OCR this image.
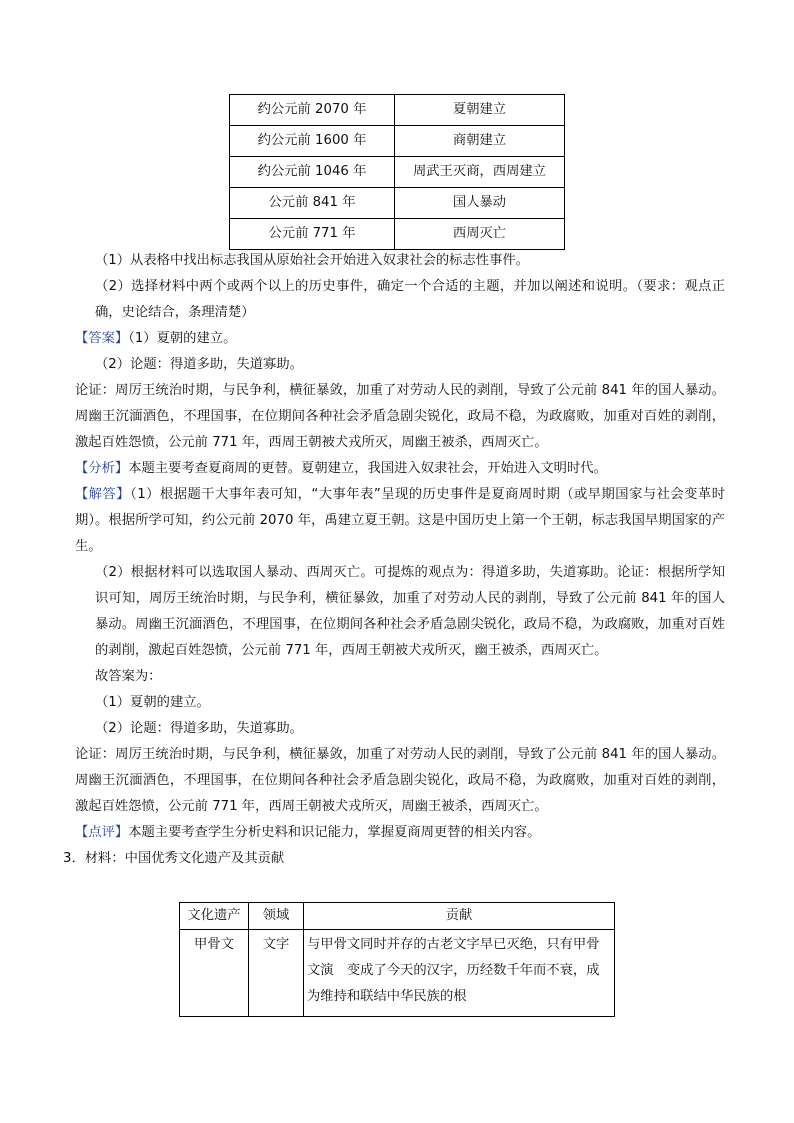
约公元前 2070 年	夏朝建立
约公元前 1600 年	商朝建立
约公元前 1046 年	周武王灭商，西周建立
公元前 841 年	国人暴动
公元前 771 年	西周灭亡

（1）从表格中找出标志我国从原始社会开始进入奴隶社会的标志性事件。

（2）选择材料中两个或两个以上的历史事件，确定一个合适的主题，并加以阐述和说明。（要求：观点正确，史论结合，条理清楚）

【答案】（1）夏朝的建立。

（2）论题：得道多助，失道寡助。

论证：周厉王统治时期，与民争利，横征暴敛，加重了对劳动人民的剥削，导致了公元前 841 年的国人暴动。周幽王沉湎酒色，不理国事，在位期间各种社会矛盾急剧尖锐化，政局不稳，为政腐败，加重对百姓的剥削，激起百姓怨愤，公元前 771 年，西周王朝被犬戎所灭，周幽王被杀，西周灭亡。

【分析】本题主要考查夏商周的更替。夏朝建立，我国进入奴隶社会，开始进入文明时代。

【解答】（1）根据题干大事年表可知，“大事年表”呈现的历史事件是夏商周时期（或早期国家与社会变革时期）。根据所学可知，约公元前 2070 年，禹建立夏王朝。这是中国历史上第一个王朝，标志我国早期国家的产生。

（2）根据材料可以选取国人暴动、西周灭亡。可提炼的观点为：得道多助，失道寡助。论证：根据所学知识可知，周厉王统治时期，与民争利，横征暴敛，加重了对劳动人民的剥削，导致了公元前 841 年的国人暴动。周幽王沉湎酒色，不理国事，在位期间各种社会矛盾急剧尖锐化，政局不稳，为政腐败，加重对百姓的剥削，激起百姓怨愤，公元前 771 年，西周王朝被犬戎所灭，幽王被杀，西周灭亡。

故答案为：

（1）夏朝的建立。

（2）论题：得道多助，失道寡助。

论证：周厉王统治时期，与民争利，横征暴敛，加重了对劳动人民的剥削，导致了公元前 841 年的国人暴动。周幽王沉湎酒色，不理国事，在位期间各种社会矛盾急剧尖锐化，政局不稳，为政腐败，加重对百姓的剥削，激起百姓怨愤，公元前 771 年，西周王朝被犬戎所灭，周幽王被杀，西周灭亡。

【点评】本题主要考查学生分析史料和识记能力，掌握夏商周更替的相关内容。

3．材料：中国优秀文化遗产及其贡献

文化遗产	领域	贡献
甲骨文	文字	与甲骨文同时并存的古老文字早已灭绝，只有甲骨文演　变成了今天的汉字，历经数千年而不衰，成为维持和联结中华民族的根
